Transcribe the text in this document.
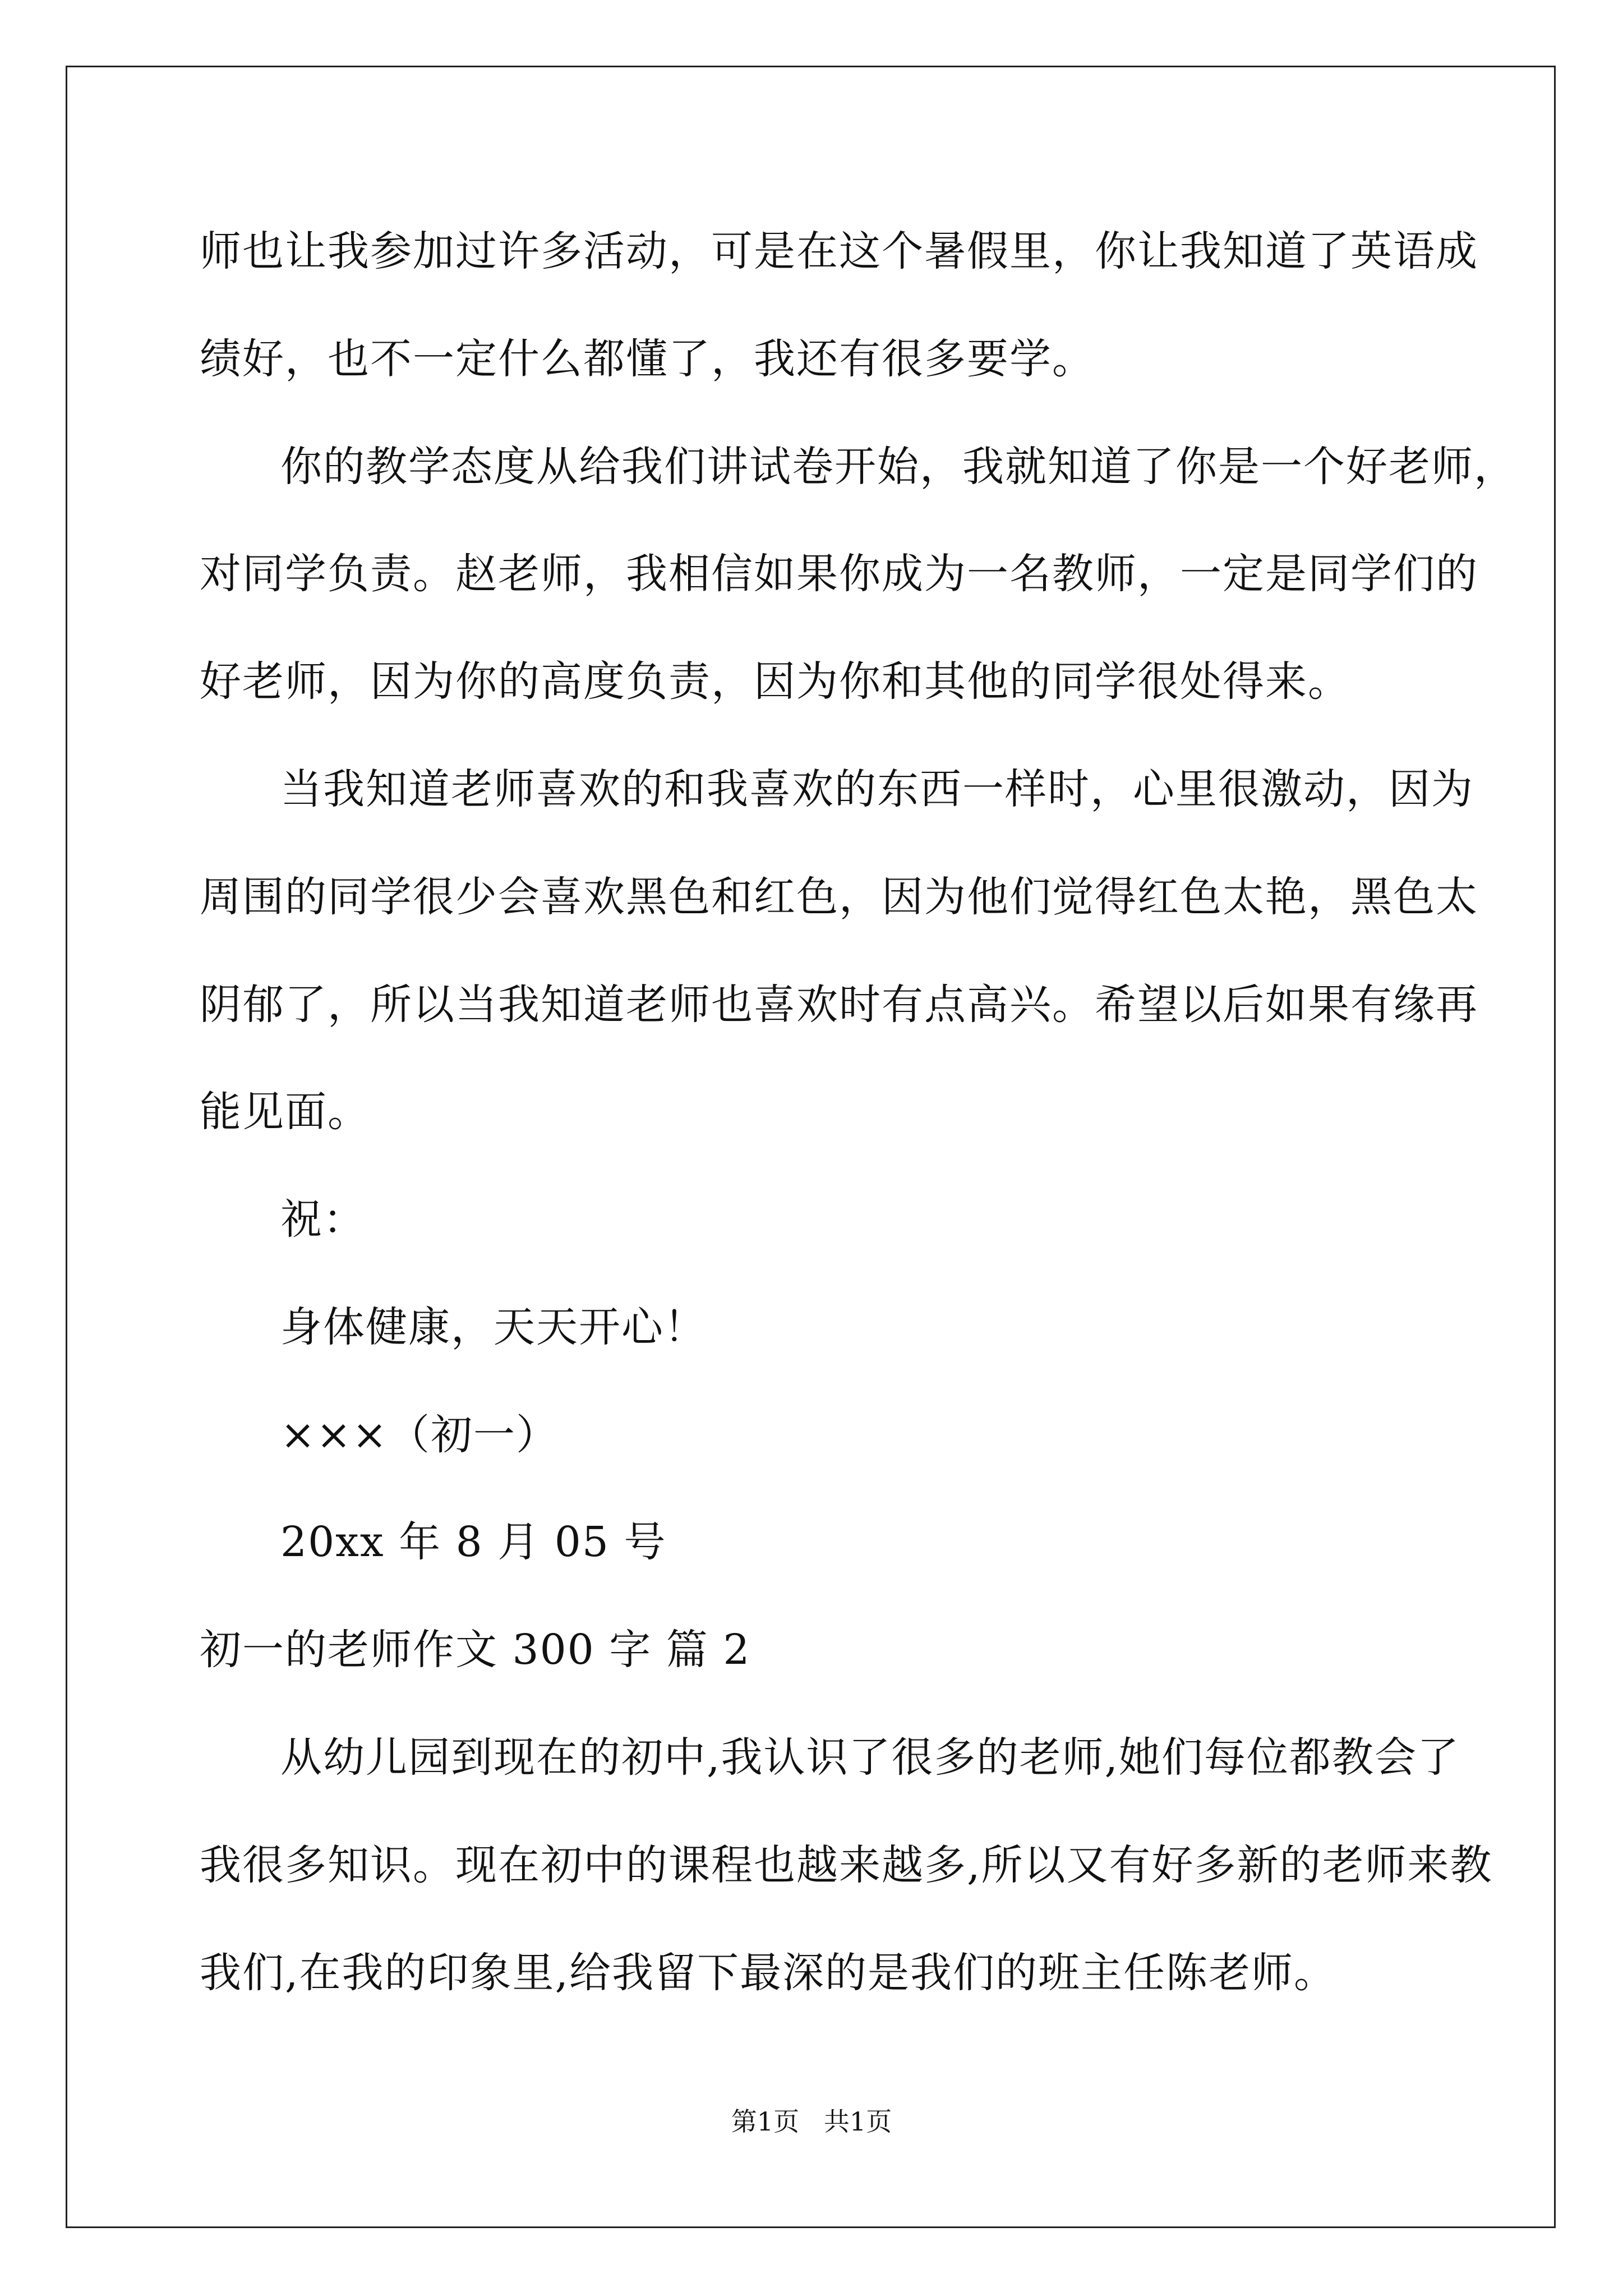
师也让我参加过许多活动，可是在这个暑假里，你让我知道了英语成
绩好，也不一定什么都懂了，我还有很多要学。
你的教学态度从给我们讲试卷开始，我就知道了你是一个好老师，
对同学负责。赵老师，我相信如果你成为一名教师，一定是同学们的
好老师，因为你的高度负责，因为你和其他的同学很处得来。
当我知道老师喜欢的和我喜欢的东西一样时，心里很激动，因为
周围的同学很少会喜欢黑色和红色，因为他们觉得红色太艳，黑色太
阴郁了，所以当我知道老师也喜欢时有点高兴。希望以后如果有缘再
能见面。
祝：
身体健康，天天开心！
×××（初一）
20xx 年 8 月 05 号
初一的老师作文 300 字 篇 2
从幼儿园到现在的初中,我认识了很多的老师,她们每位都教会了
我很多知识。现在初中的课程也越来越多,所以又有好多新的老师来教
我们,在我的印象里,给我留下最深的是我们的班主任陈老师。
第1页   共1页
